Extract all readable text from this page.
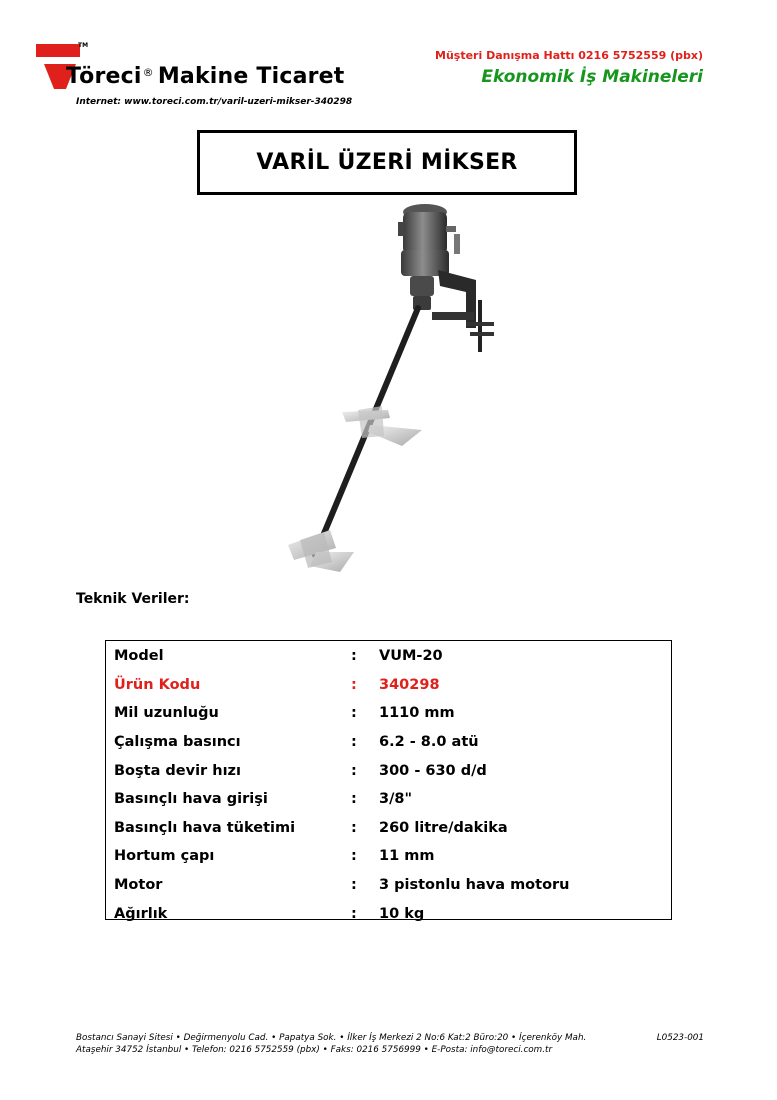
TM
Töreci® Makine Ticaret
Internet: www.toreci.com.tr/varil-uzeri-mikser-340298
Müşteri Danışma Hattı 0216 5752559 (pbx)
Ekonomik İş Makineleri
VARİL ÜZERİ MİKSER
Teknik Veriler:
Model	:	VUM-20
Ürün Kodu	:	340298
Mil uzunluğu	:	1110 mm
Çalışma basıncı	:	6.2 - 8.0 atü
Boşta devir hızı	:	300 - 630 d/d
Basınçlı hava girişi	:	3/8"
Basınçlı hava tüketimi	:	260 litre/dakika
Hortum çapı	:	11 mm
Motor	:	3 pistonlu hava motoru
Ağırlık	:	10 kg
Bostancı Sanayi Sitesi • Değirmenyolu Cad. • Papatya Sok. • İlker İş Merkezi 2 No:6 Kat:2 Büro:20 • İçerenköy Mah.
Ataşehir 34752 İstanbul • Telefon: 0216 5752559 (pbx) • Faks: 0216 5756999 • E-Posta: info@toreci.com.tr
L0523-001
